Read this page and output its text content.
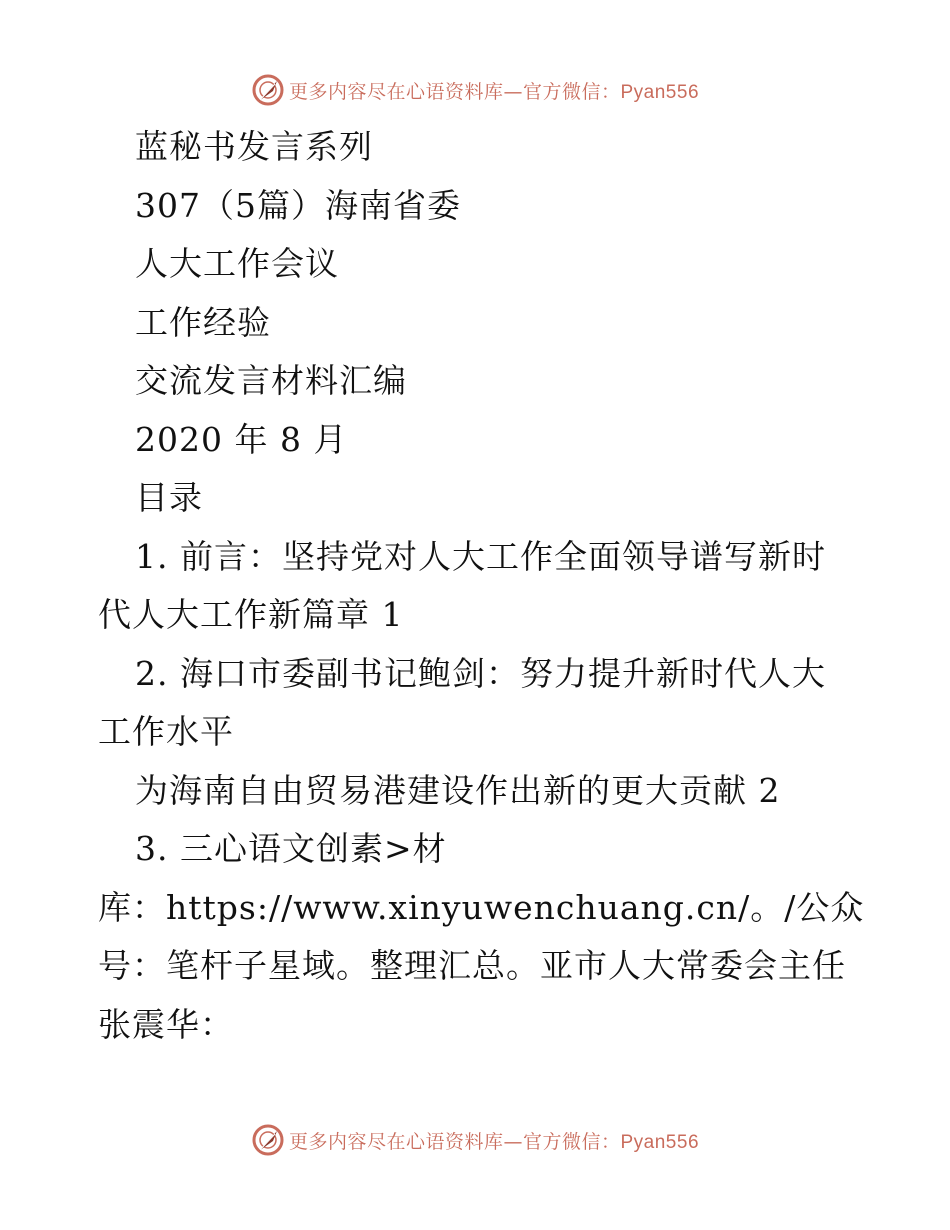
更多内容尽在心语资料库—官方微信：Pyan556
蓝秘书发言系列
307（5篇）海南省委
人大工作会议
工作经验
交流发言材料汇编
2020 年 8 月
目录
1. 前言：坚持党对人大工作全面领导谱写新时
代人大工作新篇章 1
2. 海口市委副书记鲍剑：努力提升新时代人大
工作水平
为海南自由贸易港建设作出新的更大贡献 2
3. 三心语文创素>材
库：https://www.xinyuwenchuang.cn/。/公众
号：笔杆子星域。整理汇总。亚市人大常委会主任
张震华：
更多内容尽在心语资料库—官方微信：Pyan556
